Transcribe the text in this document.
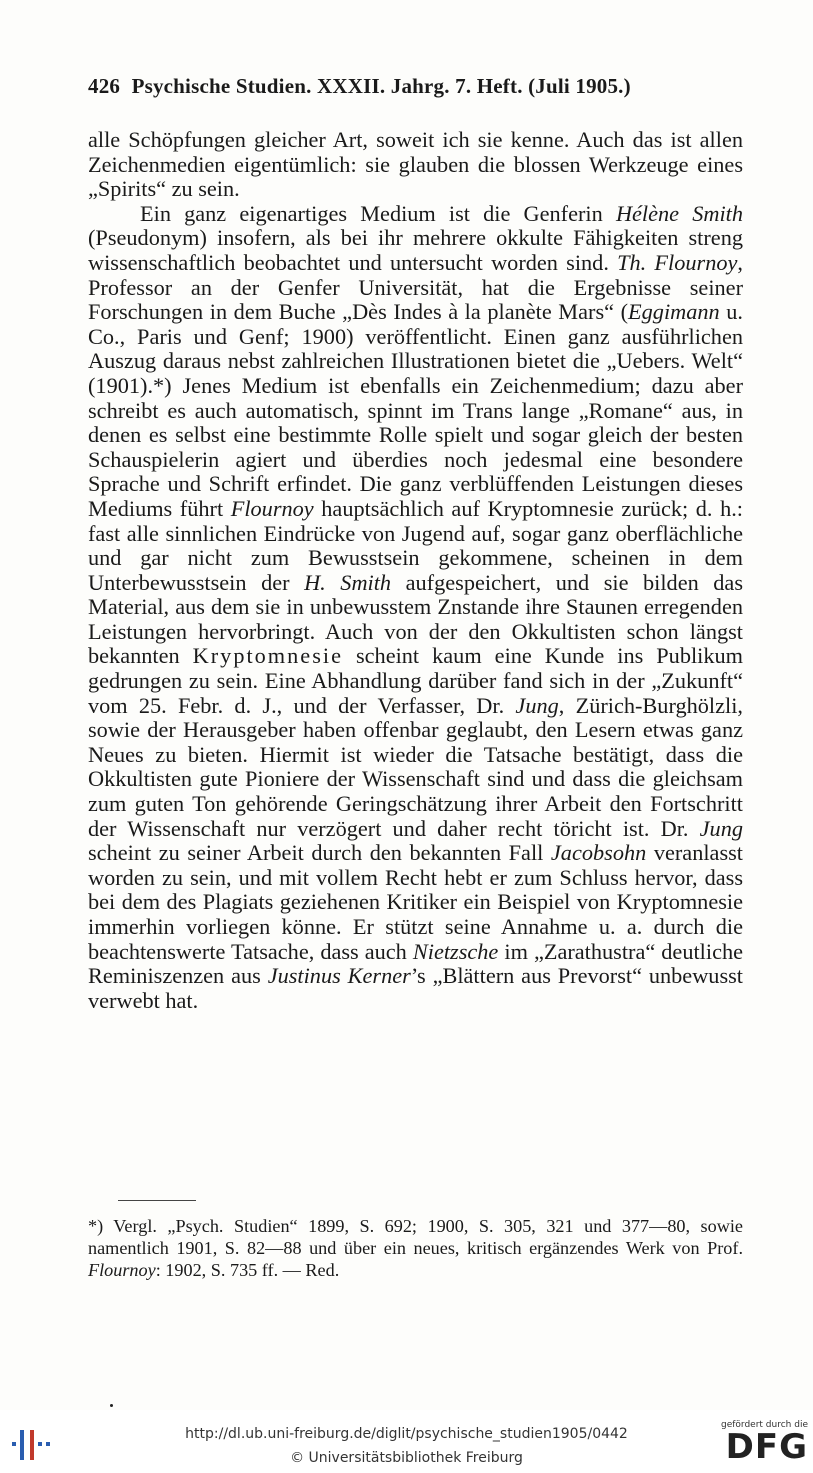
426 Psychische Studien. XXXII. Jahrg. 7. Heft. (Juli 1905.)

alle Schöpfungen gleicher Art, soweit ich sie kenne. Auch das ist allen Zeichenmedien eigentümlich: sie glauben die blossen Werkzeuge eines „Spirits“ zu sein.

Ein ganz eigenartiges Medium ist die Genferin Hélène Smith (Pseudonym) insofern, als bei ihr mehrere okkulte Fähigkeiten streng wissenschaftlich beobachtet und untersucht worden sind. Th. Flournoy, Professor an der Genfer Universität, hat die Ergebnisse seiner Forschungen in dem Buche „Dès Indes à la planète Mars“ (Eggimann u. Co., Paris und Genf; 1900) veröffentlicht. Einen ganz ausführlichen Auszug daraus nebst zahlreichen Illustrationen bietet die „Uebers. Welt“ (1901).*) Jenes Medium ist ebenfalls ein Zeichenmedium; dazu aber schreibt es auch automatisch, spinnt im Trans lange „Romane“ aus, in denen es selbst eine bestimmte Rolle spielt und sogar gleich der besten Schauspielerin agiert und überdies noch jedesmal eine besondere Sprache und Schrift erfindet. Die ganz verblüffenden Leistungen dieses Mediums führt Flournoy hauptsächlich auf Kryptomnesie zurück; d. h.: fast alle sinnlichen Eindrücke von Jugend auf, sogar ganz oberflächliche und gar nicht zum Bewusstsein gekommene, scheinen in dem Unterbewusstsein der H. Smith aufgespeichert, und sie bilden das Material, aus dem sie in unbewusstem Znstande ihre Staunen erregenden Leistungen hervorbringt. Auch von der den Okkultisten schon längst bekannten Kryptomnesie scheint kaum eine Kunde ins Publikum gedrungen zu sein. Eine Abhandlung darüber fand sich in der „Zukunft“ vom 25. Febr. d. J., und der Verfasser, Dr. Jung, Zürich-Burghölzli, sowie der Herausgeber haben offenbar geglaubt, den Lesern etwas ganz Neues zu bieten. Hiermit ist wieder die Tatsache bestätigt, dass die Okkultisten gute Pioniere der Wissenschaft sind und dass die gleichsam zum guten Ton gehörende Geringschätzung ihrer Arbeit den Fortschritt der Wissenschaft nur verzögert und daher recht töricht ist. Dr. Jung scheint zu seiner Arbeit durch den bekannten Fall Jacobsohn veranlasst worden zu sein, und mit vollem Recht hebt er zum Schluss hervor, dass bei dem des Plagiats geziehenen Kritiker ein Beispiel von Kryptomnesie immerhin vorliegen könne. Er stützt seine Annahme u. a. durch die beachtenswerte Tatsache, dass auch Nietzsche im „Zarathustra“ deutliche Reminiszenzen aus Justinus Kerner’s „Blättern aus Prevorst“ unbewusst verwebt hat.

*) Vergl. „Psych. Studien“ 1899, S. 692; 1900, S. 305, 321 und 377—80, sowie namentlich 1901, S. 82—88 und über ein neues, kritisch ergänzendes Werk von Prof. Flournoy: 1902, S. 735 ff. — Red.
http://dl.ub.uni-freiburg.de/diglit/psychische_studien1905/0442
© Universitätsbibliothek Freiburg
gefördert durch die
DFG
